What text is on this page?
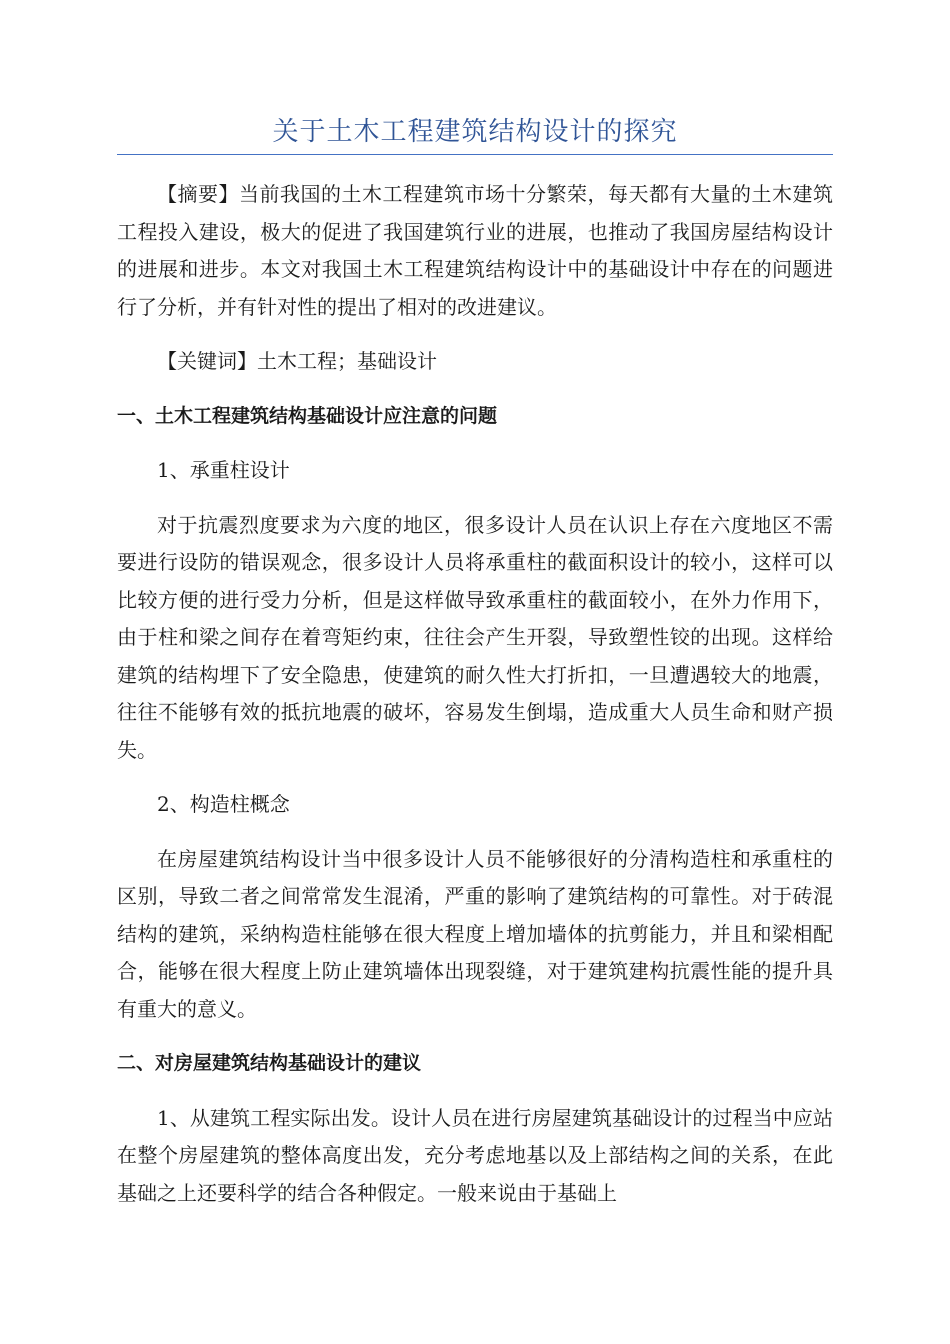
关于土木工程建筑结构设计的探究

【摘要】当前我国的土木工程建筑市场十分繁荣，每天都有大量的土木建筑工程投入建设，极大的促进了我国建筑行业的进展，也推动了我国房屋结构设计的进展和进步。本文对我国土木工程建筑结构设计中的基础设计中存在的问题进行了分析，并有针对性的提出了相对的改进建议。

【关键词】土木工程；基础设计

一、土木工程建筑结构基础设计应注意的问题

1、承重柱设计

对于抗震烈度要求为六度的地区，很多设计人员在认识上存在六度地区不需要进行设防的错误观念，很多设计人员将承重柱的截面积设计的较小，这样可以比较方便的进行受力分析，但是这样做导致承重柱的截面较小，在外力作用下，由于柱和梁之间存在着弯矩约束，往往会产生开裂，导致塑性铰的出现。这样给建筑的结构埋下了安全隐患，使建筑的耐久性大打折扣，一旦遭遇较大的地震，往往不能够有效的抵抗地震的破坏，容易发生倒塌，造成重大人员生命和财产损失。

2、构造柱概念

在房屋建筑结构设计当中很多设计人员不能够很好的分清构造柱和承重柱的区别，导致二者之间常常发生混淆，严重的影响了建筑结构的可靠性。对于砖混结构的建筑，采纳构造柱能够在很大程度上增加墙体的抗剪能力，并且和梁相配合，能够在很大程度上防止建筑墙体出现裂缝，对于建筑建构抗震性能的提升具有重大的意义。

二、对房屋建筑结构基础设计的建议

1、从建筑工程实际出发。设计人员在进行房屋建筑基础设计的过程当中应站在整个房屋建筑的整体高度出发，充分考虑地基以及上部结构之间的关系，在此基础之上还要科学的结合各种假定。一般来说由于基础上
